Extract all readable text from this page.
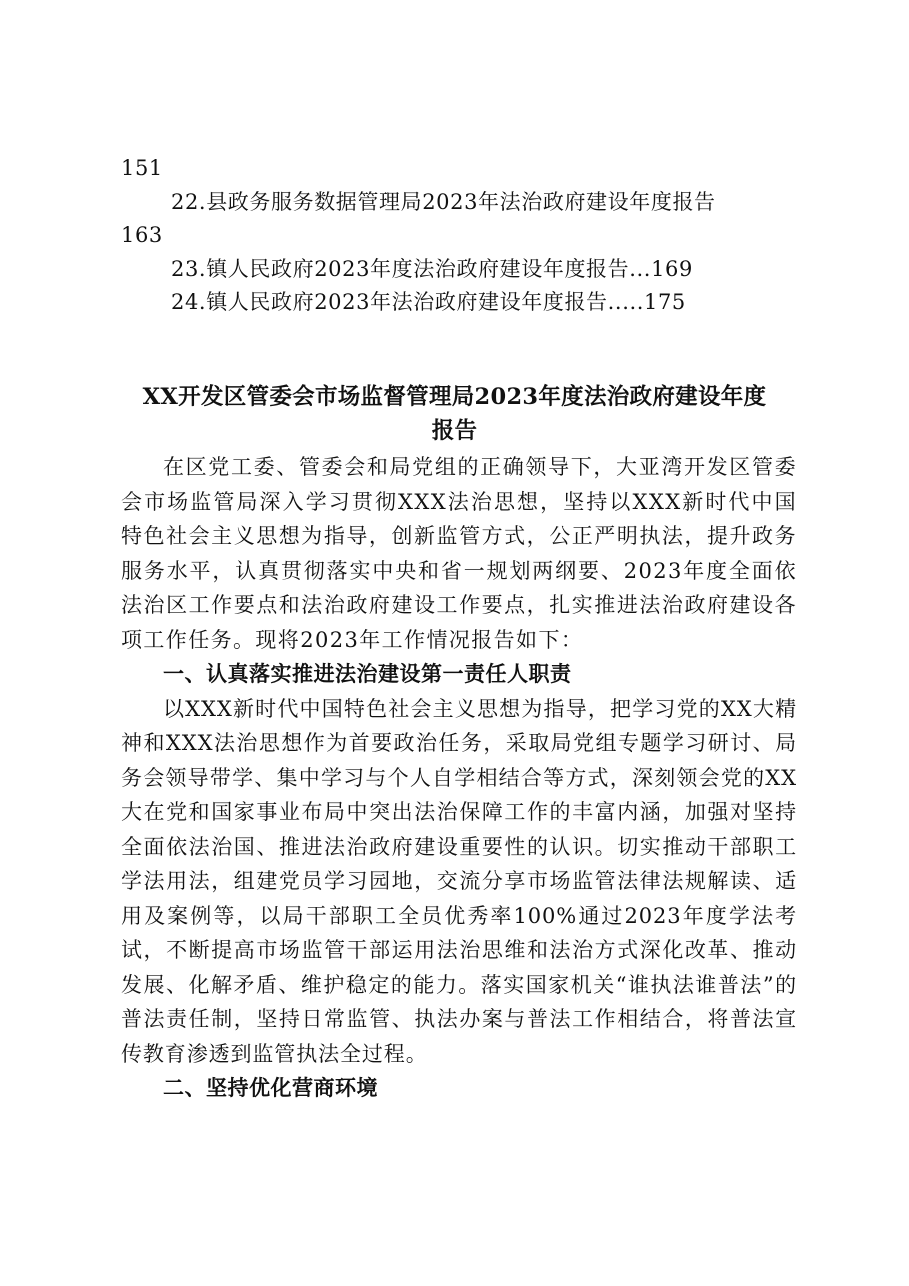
151
22.县政务服务数据管理局2023年法治政府建设年度报告
163
23.镇人民政府2023年度法治政府建设年度报告...169
24.镇人民政府2023年法治政府建设年度报告.....175
XX开发区管委会市场监督管理局2023年度法治政府建设年度
报告

在区党工委、管委会和局党组的正确领导下，大亚湾开发区管委会市场监管局深入学习贯彻XXX法治思想，坚持以XXX新时代中国特色社会主义思想为指导，创新监管方式，公正严明执法，提升政务服务水平，认真贯彻落实中央和省一规划两纲要、2023年度全面依法治区工作要点和法治政府建设工作要点，扎实推进法治政府建设各项工作任务。现将2023年工作情况报告如下：

一、认真落实推进法治建设第一责任人职责

以XXX新时代中国特色社会主义思想为指导，把学习党的XX大精神和XXX法治思想作为首要政治任务，采取局党组专题学习研讨、局务会领导带学、集中学习与个人自学相结合等方式，深刻领会党的XX大在党和国家事业布局中突出法治保障工作的丰富内涵，加强对坚持全面依法治国、推进法治政府建设重要性的认识。切实推动干部职工学法用法，组建党员学习园地，交流分享市场监管法律法规解读、适用及案例等，以局干部职工全员优秀率100%通过2023年度学法考试，不断提高市场监管干部运用法治思维和法治方式深化改革、推动发展、化解矛盾、维护稳定的能力。落实国家机关“谁执法谁普法”的普法责任制，坚持日常监管、执法办案与普法工作相结合，将普法宣传教育渗透到监管执法全过程。

二、坚持优化营商环境
